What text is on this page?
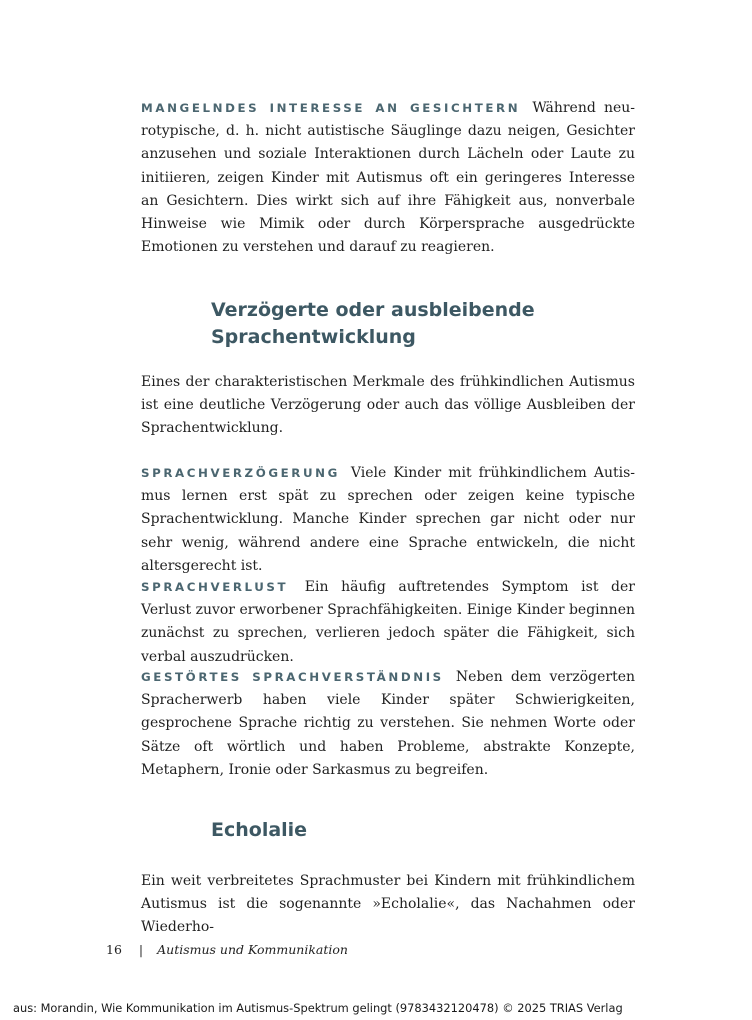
MANGELNDES INTERESSE AN GESICHTERN Während neurotypische, d. h. nicht autistische Säuglinge dazu neigen, Gesichter anzusehen und soziale Interaktionen durch Lächeln oder Laute zu initiieren, zeigen Kinder mit Autismus oft ein geringeres Interesse an Gesichtern. Dies wirkt sich auf ihre Fähigkeit aus, nonverbale Hinweise wie Mimik oder durch Körpersprache ausgedrückte Emotionen zu verstehen und darauf zu reagieren.

Verzögerte oder ausbleibende Sprachentwicklung

Eines der charakteristischen Merkmale des frühkindlichen Autismus ist eine deutliche Verzögerung oder auch das völlige Ausbleiben der Sprachentwicklung.

SPRACHVERZÖGERUNG Viele Kinder mit frühkindlichem Autismus lernen erst spät zu sprechen oder zeigen keine typische Sprachentwicklung. Manche Kinder sprechen gar nicht oder nur sehr wenig, während andere eine Sprache entwickeln, die nicht altersgerecht ist.

SPRACHVERLUST Ein häufig auftretendes Symptom ist der Verlust zuvor erworbener Sprachfähigkeiten. Einige Kinder beginnen zunächst zu sprechen, verlieren jedoch später die Fähigkeit, sich verbal auszudrücken.

GESTÖRTES SPRACHVERSTÄNDNIS Neben dem verzögerten Spracherwerb haben viele Kinder später Schwierigkeiten, gesprochene Sprache richtig zu verstehen. Sie nehmen Worte oder Sätze oft wörtlich und haben Probleme, abstrakte Konzepte, Metaphern, Ironie oder Sarkasmus zu begreifen.

Echolalie

Ein weit verbreitetes Sprachmuster bei Kindern mit frühkindlichem Autismus ist die sogenannte »Echolalie«, das Nachahmen oder Wiederho-

16 | Autismus und Kommunikation
aus: Morandin, Wie Kommunikation im Autismus-Spektrum gelingt (9783432120478) © 2025 TRIAS Verlag
